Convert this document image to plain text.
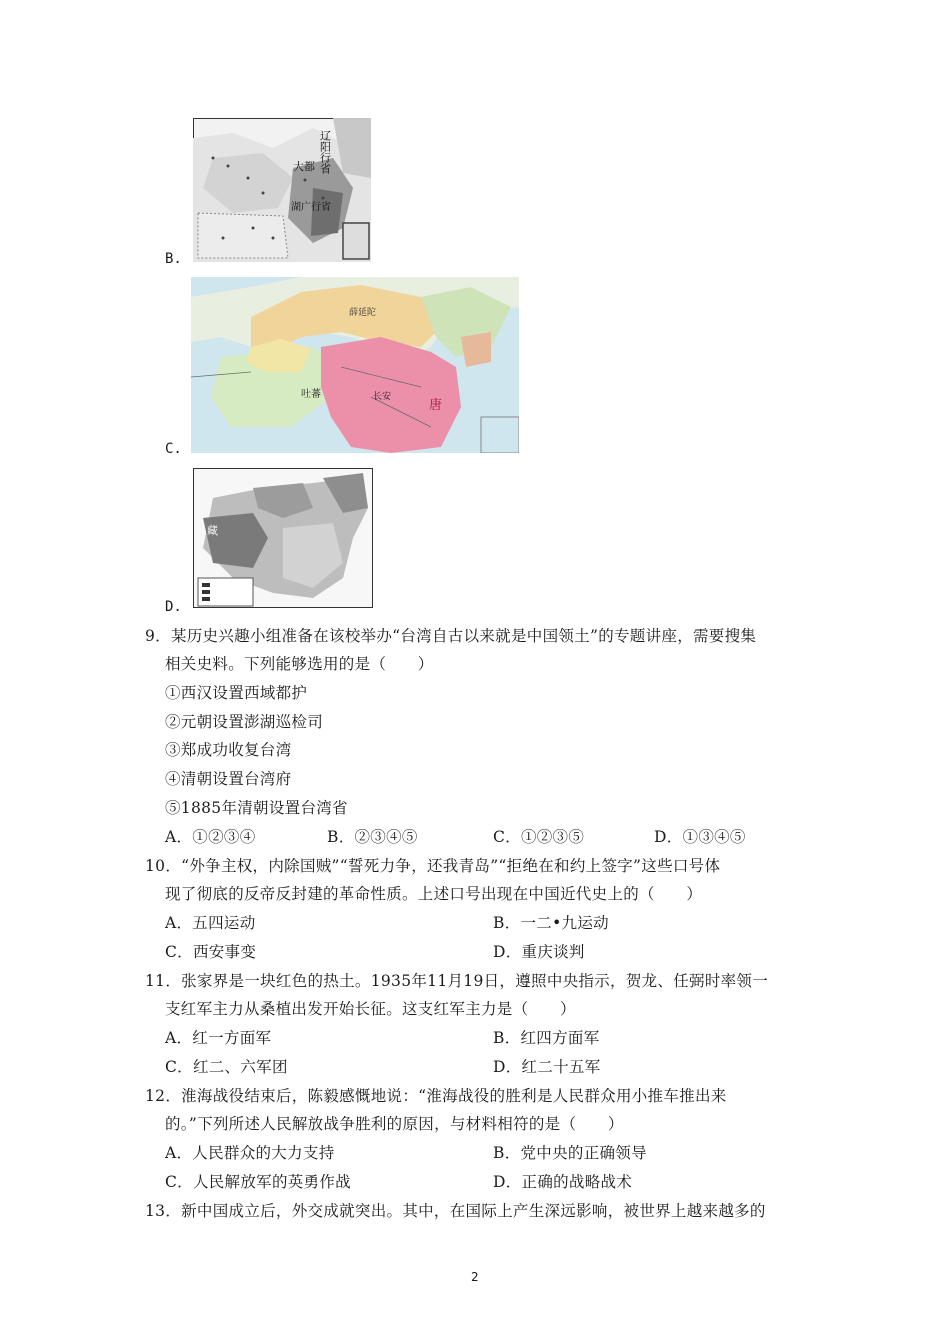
B.
辽阳行省
大都
湖广行省
C.
薛延陀
唐
长安
吐蕃
D.
藏
9．某历史兴趣小组准备在该校举办“台湾自古以来就是中国领土”的专题讲座，需要搜集
相关史料。下列能够选用的是（　　）
①西汉设置西域都护
②元朝设置澎湖巡检司
③郑成功收复台湾
④清朝设置台湾府
⑤1885年清朝设置台湾省
A．①②③④	B．②③④⑤	C．①②③⑤	D．①③④⑤
10．“外争主权，内除国贼”“誓死力争，还我青岛”“拒绝在和约上签字”这些口号体
现了彻底的反帝反封建的革命性质。上述口号出现在中国近代史上的（　　）
A．五四运动	B．一二•九运动
C．西安事变	D．重庆谈判
11．张家界是一块红色的热土。1935年11月19日，遵照中央指示，贺龙、任弼时率领一
支红军主力从桑植出发开始长征。这支红军主力是（　　）
A．红一方面军	B．红四方面军
C．红二、六军团	D．红二十五军
12．淮海战役结束后，陈毅感慨地说：“淮海战役的胜利是人民群众用小推车推出来
的。”下列所述人民解放战争胜利的原因，与材料相符的是（　　）
A．人民群众的大力支持	B．党中央的正确领导
C．人民解放军的英勇作战	D．正确的战略战术
13．新中国成立后，外交成就突出。其中，在国际上产生深远影响，被世界上越来越多的
2
